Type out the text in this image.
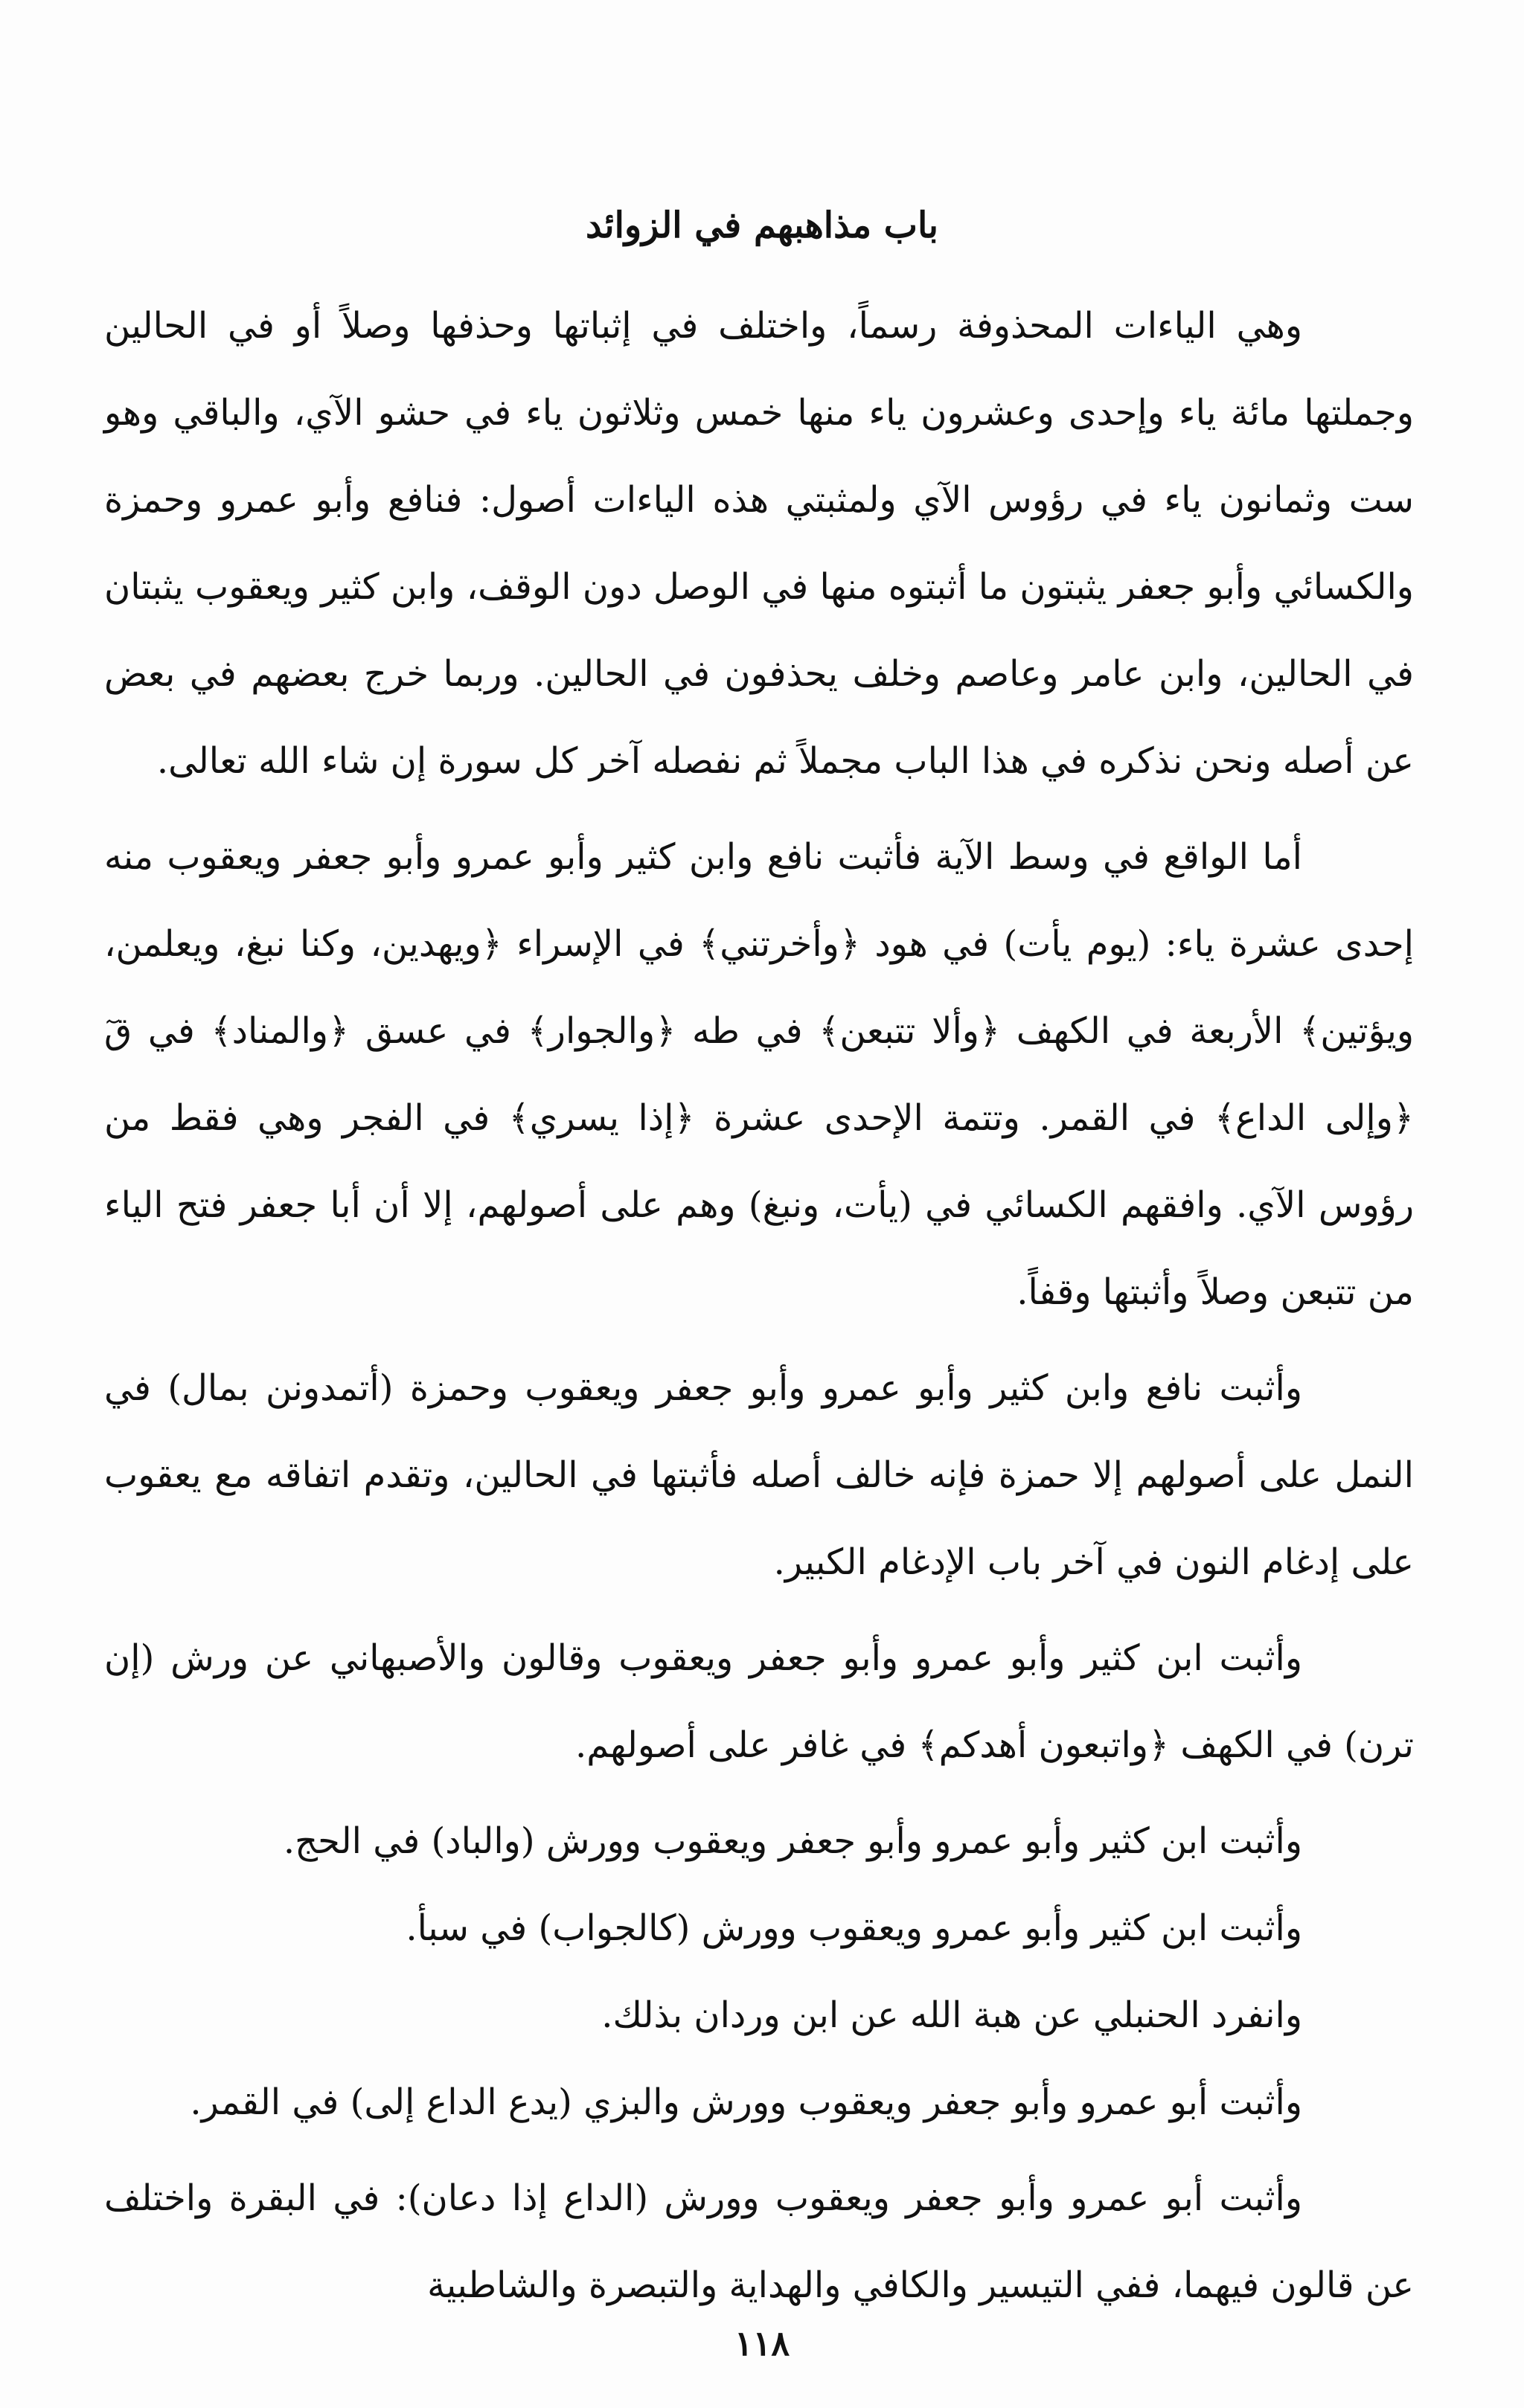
باب مذاهبهم في الزوائد

وهي الياءات المحذوفة رسماً، واختلف في إثباتها وحذفها وصلاً أو في الحالين وجملتها مائة ياء وإحدى وعشرون ياء منها خمس وثلاثون ياء في حشو الآي، والباقي وهو ست وثمانون ياء في رؤوس الآي ولمثبتي هذه الياءات أصول: فنافع وأبو عمرو وحمزة والكسائي وأبو جعفر يثبتون ما أثبتوه منها في الوصل دون الوقف، وابن كثير ويعقوب يثبتان في الحالين، وابن عامر وعاصم وخلف يحذفون في الحالين. وربما خرج بعضهم في بعض عن أصله ونحن نذكره في هذا الباب مجملاً ثم نفصله آخر كل سورة إن شاء الله تعالى.

أما الواقع في وسط الآية فأثبت نافع وابن كثير وأبو عمرو وأبو جعفر ويعقوب منه إحدى عشرة ياء: (يوم يأت) في هود ﴿وأخرتني﴾ في الإسراء ﴿ويهدين، وكنا نبغ، ويعلمن، ويؤتين﴾ الأربعة في الكهف ﴿وألا تتبعن﴾ في طه ﴿والجوار﴾ في عسق ﴿والمناد﴾ في قٓ ﴿وإلى الداع﴾ في القمر. وتتمة الإحدى عشرة ﴿إذا يسري﴾ في الفجر وهي فقط من رؤوس الآي. وافقهم الكسائي في (يأت، ونبغ) وهم على أصولهم، إلا أن أبا جعفر فتح الياء من تتبعن وصلاً وأثبتها وقفاً.

وأثبت نافع وابن كثير وأبو عمرو وأبو جعفر ويعقوب وحمزة (أتمدونن بمال) في النمل على أصولهم إلا حمزة فإنه خالف أصله فأثبتها في الحالين، وتقدم اتفاقه مع يعقوب على إدغام النون في آخر باب الإدغام الكبير.

وأثبت ابن كثير وأبو عمرو وأبو جعفر ويعقوب وقالون والأصبهاني عن ورش (إن ترن) في الكهف ﴿واتبعون أهدكم﴾ في غافر على أصولهم.

وأثبت ابن كثير وأبو عمرو وأبو جعفر ويعقوب وورش (والباد) في الحج.

وأثبت ابن كثير وأبو عمرو ويعقوب وورش (كالجواب) في سبأ.

وانفرد الحنبلي عن هبة الله عن ابن وردان بذلك.

وأثبت أبو عمرو وأبو جعفر ويعقوب وورش والبزي (يدع الداع إلى) في القمر.

وأثبت أبو عمرو وأبو جعفر ويعقوب وورش (الداع إذا دعان): في البقرة واختلف عن قالون فيهما، ففي التيسير والكافي والهداية والتبصرة والشاطبية

١١٨
